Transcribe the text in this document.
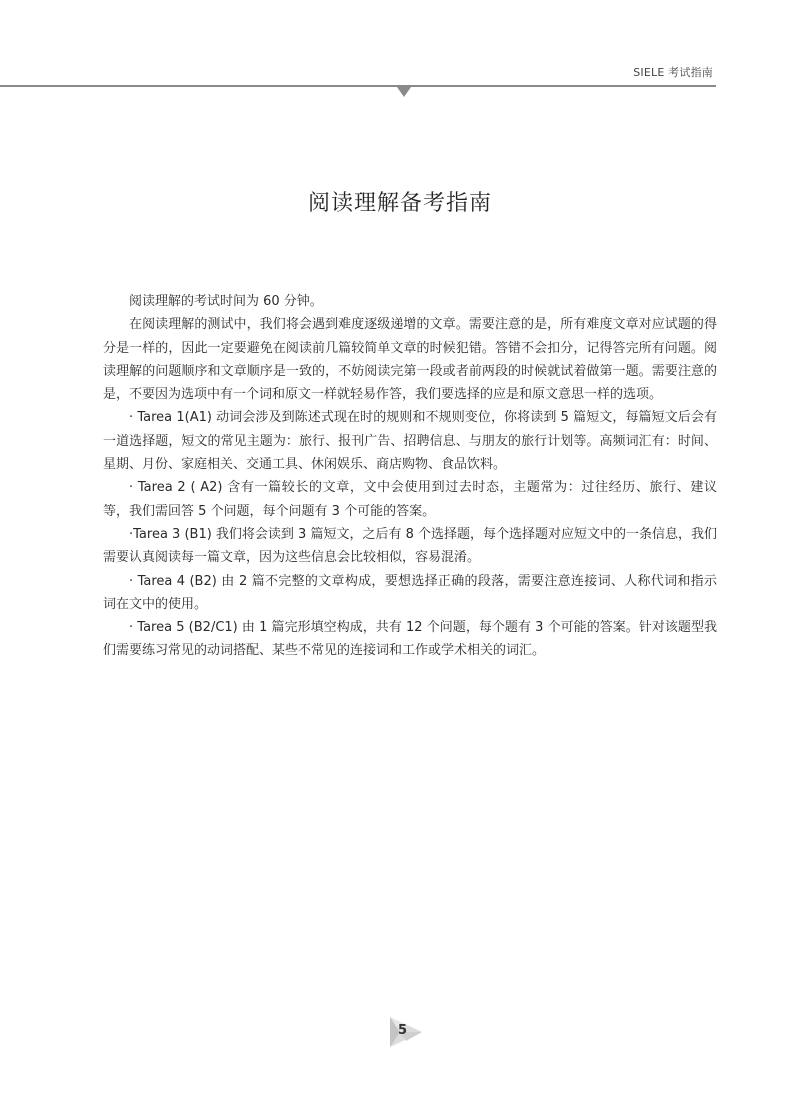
SIELE 考试指南
阅读理解备考指南

阅读理解的考试时间为 60 分钟。

在阅读理解的测试中，我们将会遇到难度逐级递增的文章。需要注意的是，所有难度文章对应试题的得分是一样的，因此一定要避免在阅读前几篇较简单文章的时候犯错。答错不会扣分，记得答完所有问题。阅读理解的问题顺序和文章顺序是一致的，不妨阅读完第一段或者前两段的时候就试着做第一题。需要注意的是，不要因为选项中有一个词和原文一样就轻易作答，我们要选择的应是和原文意思一样的选项。

· Tarea 1(A1) 动词会涉及到陈述式现在时的规则和不规则变位，你将读到 5 篇短文，每篇短文后会有一道选择题，短文的常见主题为：旅行、报刊广告、招聘信息、与朋友的旅行计划等。高频词汇有：时间、星期、月份、家庭相关、交通工具、休闲娱乐、商店购物、食品饮料。

· Tarea 2 ( A2) 含有一篇较长的文章，文中会使用到过去时态，主题常为：过往经历、旅行、建议等，我们需回答 5 个问题，每个问题有 3 个可能的答案。

·Tarea 3 (B1) 我们将会读到 3 篇短文，之后有 8 个选择题，每个选择题对应短文中的一条信息，我们需要认真阅读每一篇文章，因为这些信息会比较相似，容易混淆。

· Tarea 4 (B2) 由 2 篇不完整的文章构成，要想选择正确的段落，需要注意连接词、人称代词和指示词在文中的使用。

· Tarea 5 (B2/C1) 由 1 篇完形填空构成，共有 12 个问题，每个题有 3 个可能的答案。针对该题型我们需要练习常见的动词搭配、某些不常见的连接词和工作或学术相关的词汇。

5
